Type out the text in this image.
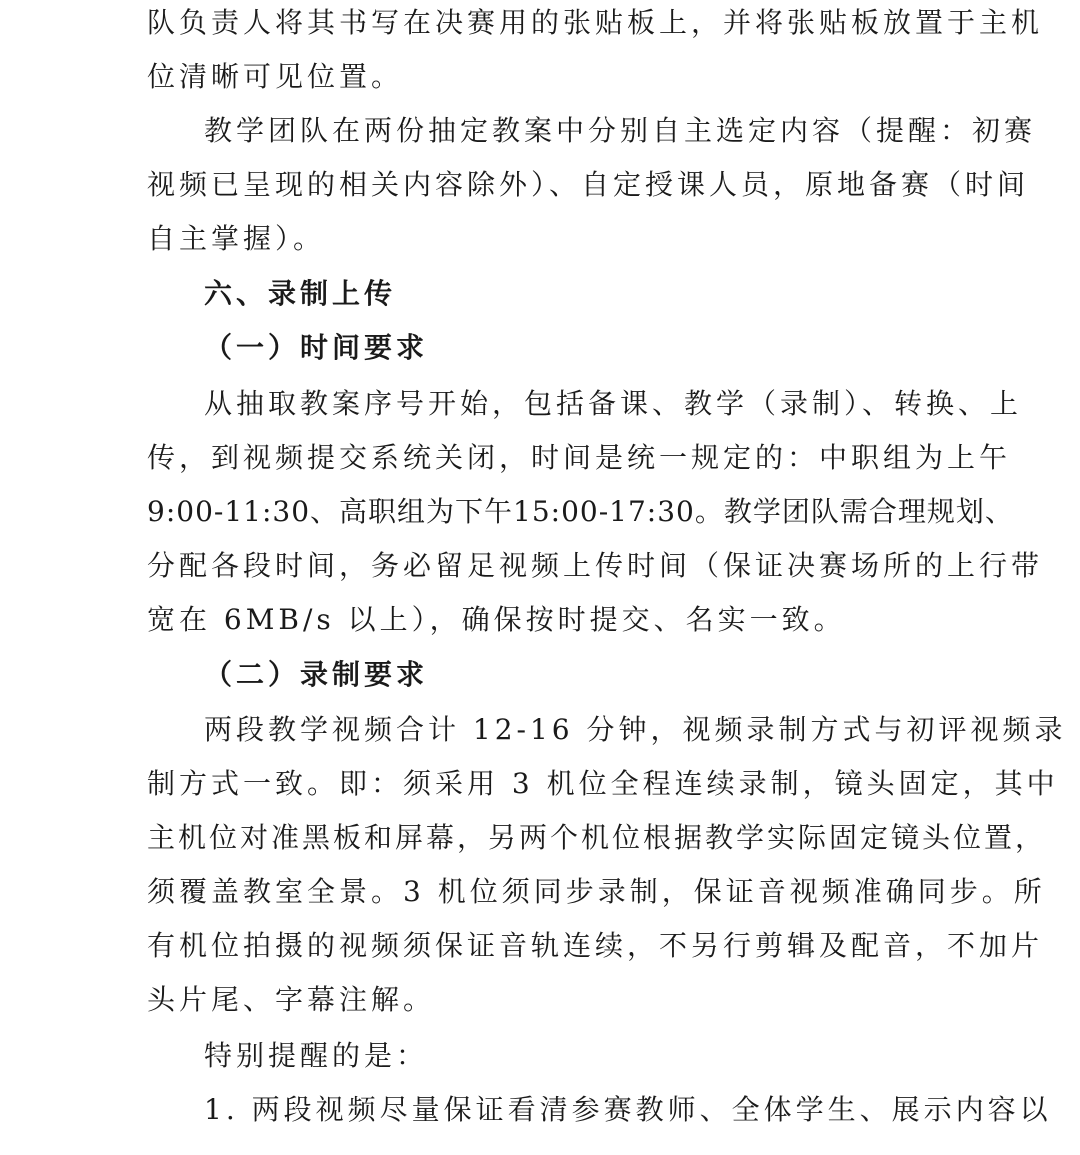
队负责人将其书写在决赛用的张贴板上，并将张贴板放置于主机
位清晰可见位置。
教学团队在两份抽定教案中分别自主选定内容（提醒：初赛
视频已呈现的相关内容除外）、自定授课人员，原地备赛（时间
自主掌握）。
六、录制上传
（一）时间要求
从抽取教案序号开始，包括备课、教学（录制）、转换、上
传，到视频提交系统关闭，时间是统一规定的：中职组为上午
9:00-11:30、高职组为下午15:00-17:30。教学团队需合理规划、
分配各段时间，务必留足视频上传时间（保证决赛场所的上行带
宽在 6MB/s 以上），确保按时提交、名实一致。
（二）录制要求
两段教学视频合计 12-16 分钟，视频录制方式与初评视频录
制方式一致。即：须采用 3 机位全程连续录制，镜头固定，其中
主机位对准黑板和屏幕，另两个机位根据教学实际固定镜头位置，
须覆盖教室全景。3 机位须同步录制，保证音视频准确同步。所
有机位拍摄的视频须保证音轨连续，不另行剪辑及配音，不加片
头片尾、字幕注解。
特别提醒的是：
1. 两段视频尽量保证看清参赛教师、全体学生、展示内容以
